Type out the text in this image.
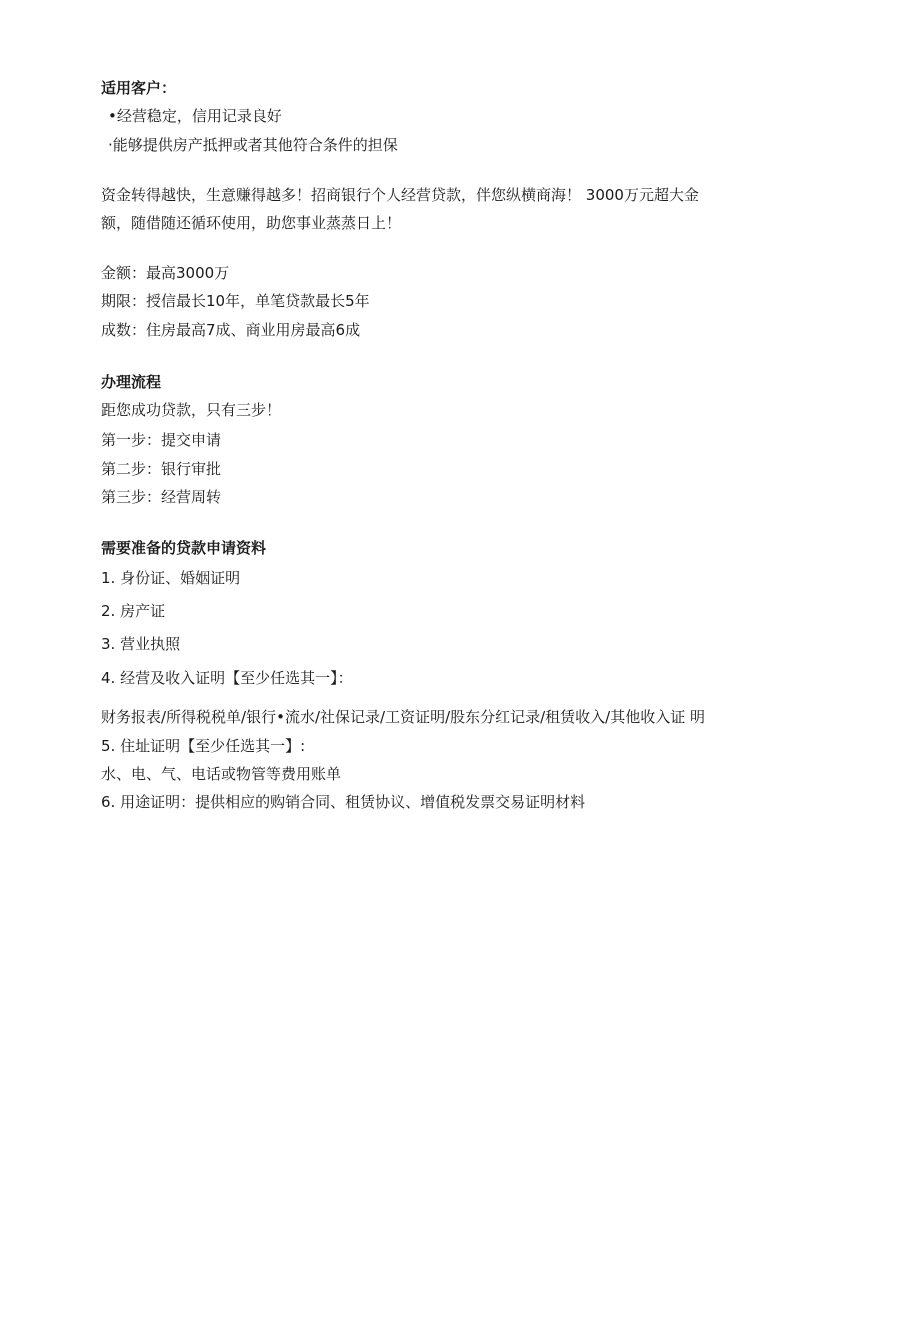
适用客户：
•经营稳定，信用记录良好
·能够提供房产抵押或者其他符合条件的担保
资金转得越快，生意赚得越多！招商银行个人经营贷款，伴您纵横商海！ 3000万元超大金
额，随借随还循环使用，助您事业蒸蒸日上！
金额：最高3000万
期限：授信最长10年，单笔贷款最长5年
成数：住房最高7成、商业用房最高6成
办理流程
距您成功贷款，只有三步！
第一步：提交申请
第二步：银行审批
第三步：经营周转
需要准备的贷款申请资料
1. 身份证、婚姻证明
2. 房产证
3. 营业执照
4. 经营及收入证明【至少任选其一】：
财务报表/所得税税单/银行•流水/社保记录/工资证明/股东分红记录/租赁收入/其他收入证 明
5. 住址证明【至少任选其一】:
水、电、气、电话或物管等费用账单
6. 用途证明：提供相应的购销合同、租赁协议、增值税发票交易证明材料
